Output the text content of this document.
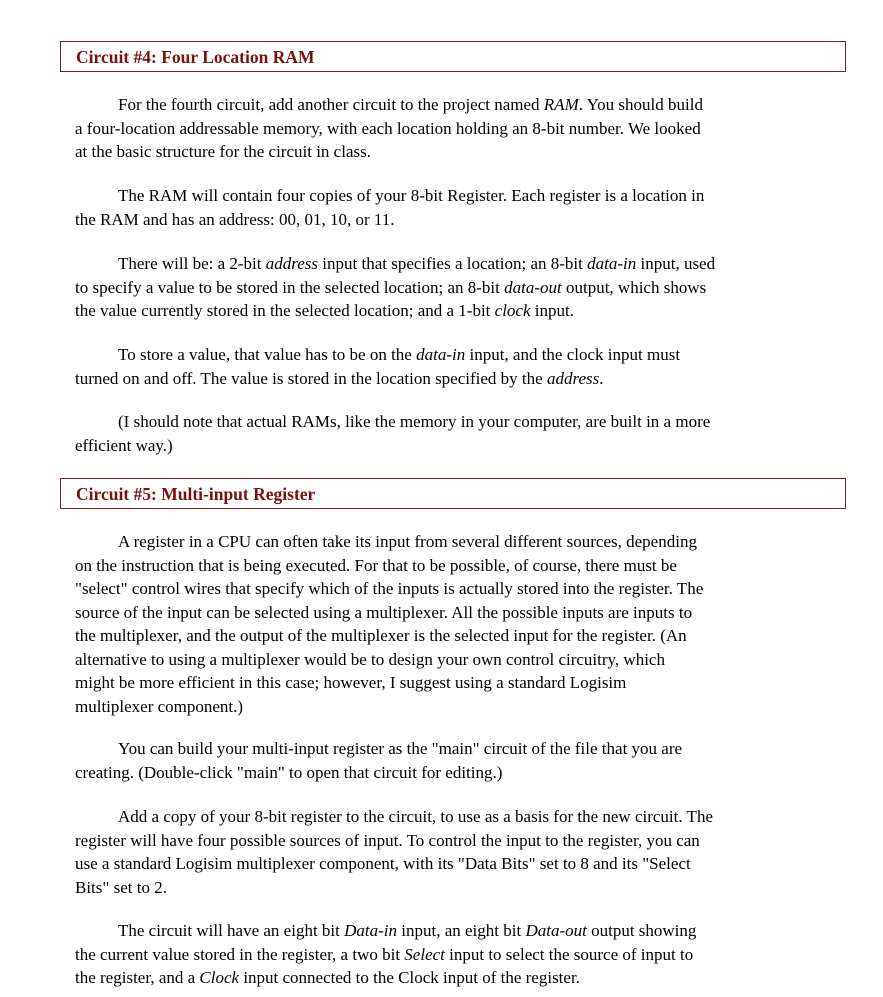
Circuit #4: Four Location RAM

For the fourth circuit, add another circuit to the project named RAM. You should build
a four-location addressable memory, with each location holding an 8-bit number. We looked
at the basic structure for the circuit in class.

The RAM will contain four copies of your 8-bit Register. Each register is a location in
the RAM and has an address: 00, 01, 10, or 11.

There will be: a 2-bit address input that specifies a location; an 8-bit data-in input, used
to specify a value to be stored in the selected location; an 8-bit data-out output, which shows
the value currently stored in the selected location; and a 1-bit clock input.

To store a value, that value has to be on the data-in input, and the clock input must
turned on and off. The value is stored in the location specified by the address.

(I should note that actual RAMs, like the memory in your computer, are built in a more
efficient way.)

Circuit #5: Multi-input Register

A register in a CPU can often take its input from several different sources, depending
on the instruction that is being executed. For that to be possible, of course, there must be
"select" control wires that specify which of the inputs is actually stored into the register. The
source of the input can be selected using a multiplexer. All the possible inputs are inputs to
the multiplexer, and the output of the multiplexer is the selected input for the register. (An
alternative to using a multiplexer would be to design your own control circuitry, which
might be more efficient in this case; however, I suggest using a standard Logisim
multiplexer component.)

You can build your multi-input register as the "main" circuit of the file that you are
creating. (Double-click "main" to open that circuit for editing.)

Add a copy of your 8-bit register to the circuit, to use as a basis for the new circuit. The
register will have four possible sources of input. To control the input to the register, you can
use a standard Logisim multiplexer component, with its "Data Bits" set to 8 and its "Select
Bits" set to 2.

The circuit will have an eight bit Data-in input, an eight bit Data-out output showing
the current value stored in the register, a two bit Select input to select the source of input to
the register, and a Clock input connected to the Clock input of the register.
